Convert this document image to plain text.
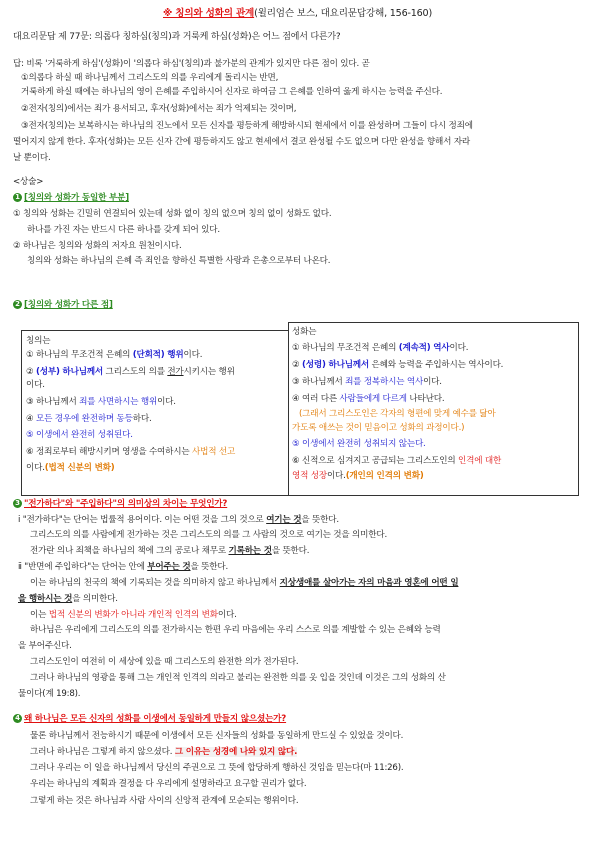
※ 칭의와 성화의 관계(윌리엄슨 보스, 대요리문답강해, 156-160)
대요리문답 제 77문: 의롭다 칭하심(칭의)과 거룩케 하심(성화)은 어느 점에서 다른가?
답: 비록 '거룩하게 하심'(성화)이 '의롭다 하심'(칭의)과 불가분의 관계가 있지만 다른 점이 있다. 곧
①의롭다 하실 때 하나님께서 그리스도의 의를 우리에게 돌리시는 반면,
거룩하게 하실 때에는 하나님의 영이 은혜를 주입하시어 신자로 하여금 그 은혜를 인하여 옳게 하시는 능력을 주신다.
②전자(칭의)에서는 죄가 용서되고, 후자(성화)에서는 죄가 억제되는 것이며,
③전자(칭의)는 보복하시는 하나님의 진노에서 모든 신자를 평등하게 해방하시되 현세에서 이를 완성하며 그들이 다시 정죄에
떨어지지 않게 한다. 후자(성화)는 모든 신자 간에 평등하지도 않고 현세에서 결코 완성될 수도 없으며 다만 완성을 향해서 자라
날 뿐이다.
<상술>
1 [칭의와 성화가 동일한 부분]
① 칭의와 성화는 긴밀히 연결되어 있는데 성화 없이 칭의 없으며 칭의 없이 성화도 없다.
하나를 가진 자는 반드시 다른 하나를 갖게 되어 있다.
② 하나님은 칭의와 성화의 저자요 원천이시다.
칭의와 성화는 하나님의 은혜 즉 죄인을 향하신 특별한 사랑과 은총으로부터 나온다.
2 [칭의와 성화가 다른 점]
칭의는
① 하나님의 무조건적 은혜의 (단회적) 행위이다.
② (성부) 하나님께서 그리스도의 의를 전가시키시는 행위
이다.
③ 하나님께서 죄를 사면하시는 행위이다.
④ 모든 경우에 완전하며 동등하다.
⑤ 이생에서 완전히 성취된다.
⑥ 정죄로부터 해방시키며 영생을 수여하시는 사법적 선고
이다.(법적 신분의 변화)
성화는
① 하나님의 무조건적 은혜의 (계속적) 역사이다.
② (성령) 하나님께서 은혜와 능력을 주입하시는 역사이다.
③ 하나님께서 죄를 정복하시는 역사이다.
④ 여러 다른 사람들에게 다르게 나타난다.
(그래서 그리스도인은 각자의 형편에 맞게 예수를 닮아
가도록 애쓰는 것이 믿음이고 성화의 과정이다.)
⑤ 이생에서 완전히 성취되지 않는다.
⑥ 신적으로 심겨지고 공급되는 그리스도인의 인격에 대한
영적 성장이다.(개인의 인격의 변화)
3 "전가하다"와 "주입하다"의 의미상의 차이는 무엇인가?
ⅰ "전가하다"는 단어는 법률적 용어이다. 이는 어떤 것을 그의 것으로 여기는 것을 뜻한다.
그리스도의 의를 사람에게 전가하는 것은 그리스도의 의를 그 사람의 것으로 여기는 것을 의미한다.
전가란 의나 죄책을 하나님의 책에 그의 공로나 채무로 기록하는 것을 뜻한다.
ⅱ "반면에 주입하다"는 단어는 안에 부어주는 것을 뜻한다.
이는 하나님의 천국의 책에 기록되는 것을 의미하지 않고 하나님께서 지상생애를 살아가는 자의 마음과 영혼에 어떤 일
을 행하시는 것을 의미한다.
이는 법적 신분의 변화가 아니라 개인적 인격의 변화이다.
하나님은 우리에게 그리스도의 의를 전가하시는 한편 우리 마음에는 우리 스스로 의를 계발할 수 있는 은혜와 능력
을 부어주신다.
그리스도인이 여전히 이 세상에 있을 때 그리스도의 완전한 의가 전가된다.
그러나 하나님의 영광을 통해 그는 개인적 인격의 의라고 불리는 완전한 의를 옷 입을 것인데 이것은 그의 성화의 산
물이다(계 19:8).
4 왜 하나님은 모든 신자의 성화를 이생에서 동일하게 만들지 않으셨는가?
물론 하나님께서 전능하시기 때문에 이생에서 모든 신자들의 성화를 동일하게 만드실 수 있었을 것이다.
그러나 하나님은 그렇게 하지 않으셨다. 그 이유는 성경에 나와 있지 않다.
그러나 우리는 이 일을 하나님께서 당신의 주권으로 그 뜻에 합당하게 행하신 것임을 믿는다(마 11:26).
우리는 하나님의 계획과 결정을 다 우리에게 설명하라고 요구할 권리가 없다.
그렇게 하는 것은 하나님과 사람 사이의 신앙적 관계에 모순되는 행위이다.
